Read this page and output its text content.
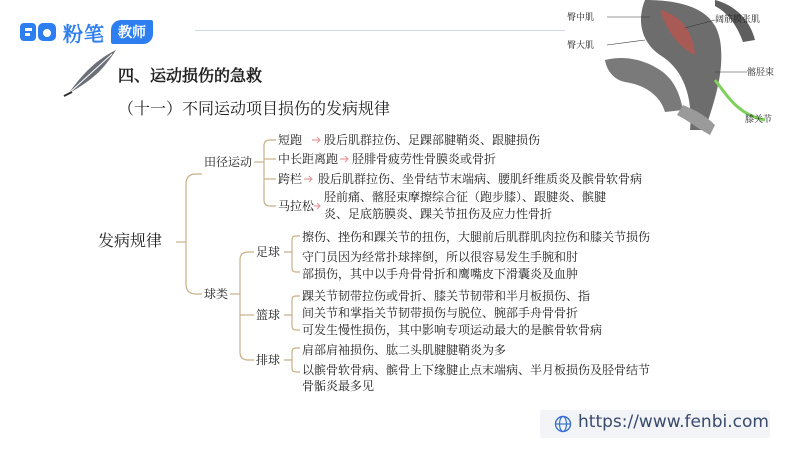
粉笔 教师
四、运动损伤的急救
（十一）不同运动项目损伤的发病规律
臀中肌	阔筋膜张肌
臀大肌
髂胫束
膝关节
发病规律
田径运动
短跑 股后肌群拉伤、足踝部腱鞘炎、跟腱损伤
中长距离跑 胫腓骨疲劳性骨膜炎或骨折
跨栏 股后肌群拉伤、坐骨结节末端病、腰肌纤维质炎及髌骨软骨病
马拉松
胫前痛、髂胫束摩擦综合征（跑步膝）、跟腱炎、髌腱
炎、足底筋膜炎、踝关节扭伤及应力性骨折
球类
足球
擦伤、挫伤和踝关节的扭伤，大腿前后肌群肌肉拉伤和膝关节损伤
守门员因为经常扑球摔倒，所以很容易发生手腕和肘
部损伤，其中以手舟骨骨折和鹰嘴皮下滑囊炎及血肿
篮球
踝关节韧带拉伤或骨折、膝关节韧带和半月板损伤、指
间关节和掌指关节韧带损伤与脱位、腕部手舟骨骨折
可发生慢性损伤，其中影响专项运动最大的是髌骨软骨病
排球
肩部肩袖损伤、肱二头肌腱腱鞘炎为多
以髌骨软骨病、髌骨上下缘腱止点末端病、半月板损伤及胫骨结节
骨骺炎最多见
https://www.fenbi.com
